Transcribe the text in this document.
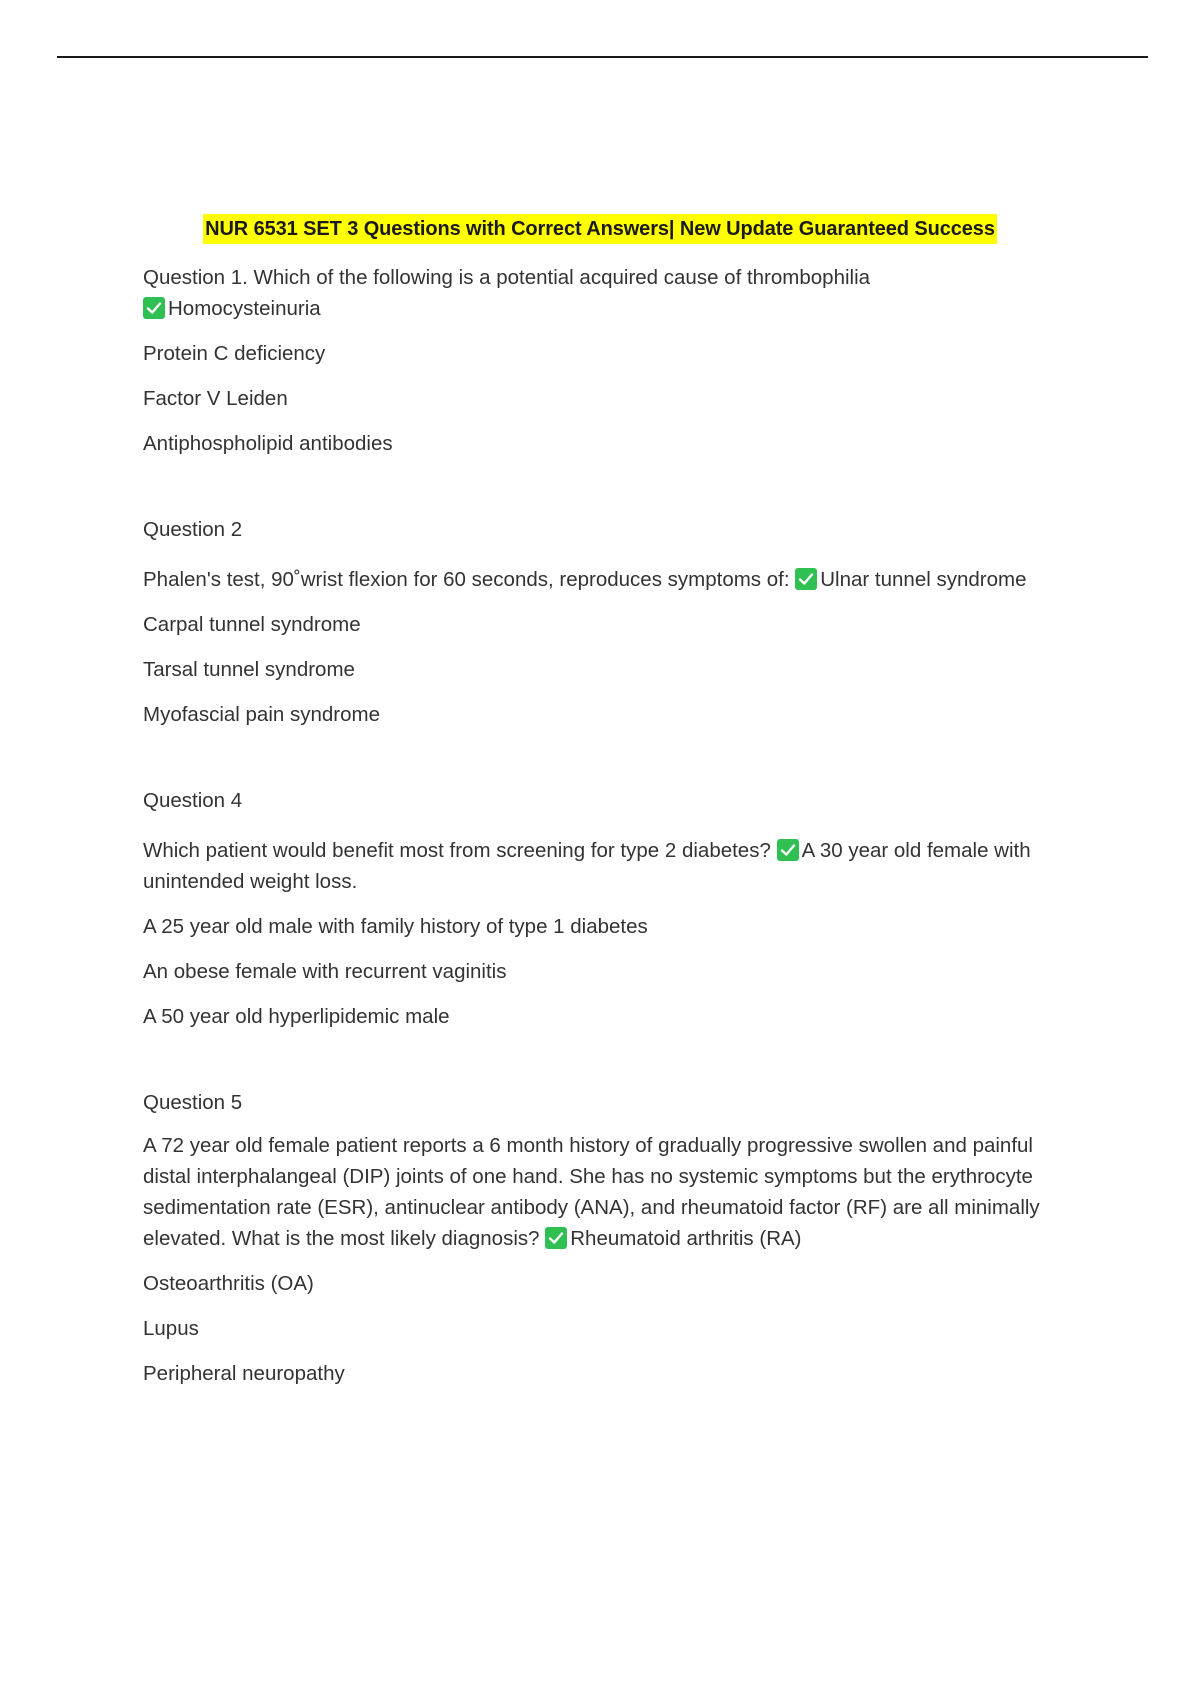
NUR 6531 SET 3 Questions with Correct Answers| New Update Guaranteed Success

Question 1. Which of the following is a potential acquired cause of thrombophilia

Homocysteinuria

Protein C deficiency

Factor V Leiden

Antiphospholipid antibodies

Question 2

Phalen's test, 90˚wrist flexion for 60 seconds, reproduces symptoms of: Ulnar tunnel syndrome

Carpal tunnel syndrome

Tarsal tunnel syndrome

Myofascial pain syndrome

Question 4

Which patient would benefit most from screening for type 2 diabetes? A 30 year old female with unintended weight loss.

A 25 year old male with family history of type 1 diabetes

An obese female with recurrent vaginitis

A 50 year old hyperlipidemic male

Question 5

A 72 year old female patient reports a 6 month history of gradually progressive swollen and painful distal interphalangeal (DIP) joints of one hand. She has no systemic symptoms but the erythrocyte sedimentation rate (ESR), antinuclear antibody (ANA), and rheumatoid factor (RF) are all minimally elevated. What is the most likely diagnosis? Rheumatoid arthritis (RA)

Osteoarthritis (OA)

Lupus

Peripheral neuropathy
